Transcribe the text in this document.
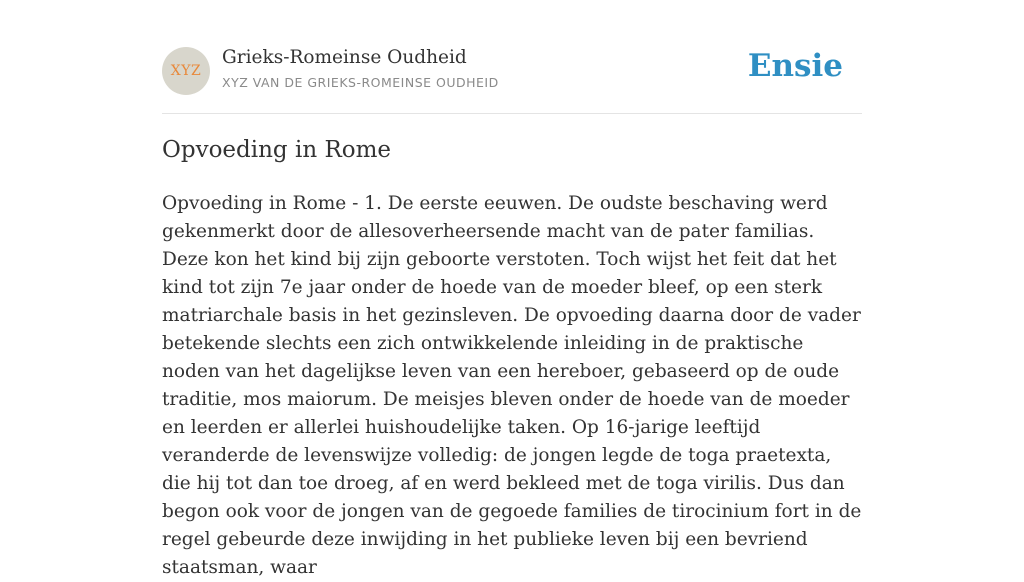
XYZ
Grieks-Romeinse Oudheid
XYZ VAN DE GRIEKS-ROMEINSE OUDHEID	Ensie
Opvoeding in Rome

Opvoeding in Rome - 1. De eerste eeuwen. De oudste beschaving werd gekenmerkt door de allesoverheersende macht van de pater familias. Deze kon het kind bij zijn geboorte verstoten. Toch wijst het feit dat het kind tot zijn 7e jaar onder de hoede van de moeder bleef, op een sterk matriarchale basis in het gezinsleven. De opvoeding daarna door de vader betekende slechts een zich ontwikkelende inleiding in de praktische noden van het dagelijkse leven van een hereboer, gebaseerd op de oude traditie, mos maiorum. De meisjes bleven onder de hoede van de moeder en leerden er allerlei huishoudelijke taken. Op 16-jarige leeftijd veranderde de levenswijze volledig: de jongen legde de toga praetexta, die hij tot dan toe droeg, af en werd bekleed met de toga virilis. Dus dan begon ook voor de jongen van de gegoede families de tirocinium fort in de regel gebeurde deze inwijding in het publieke leven bij een bevriend staatsman, waar
